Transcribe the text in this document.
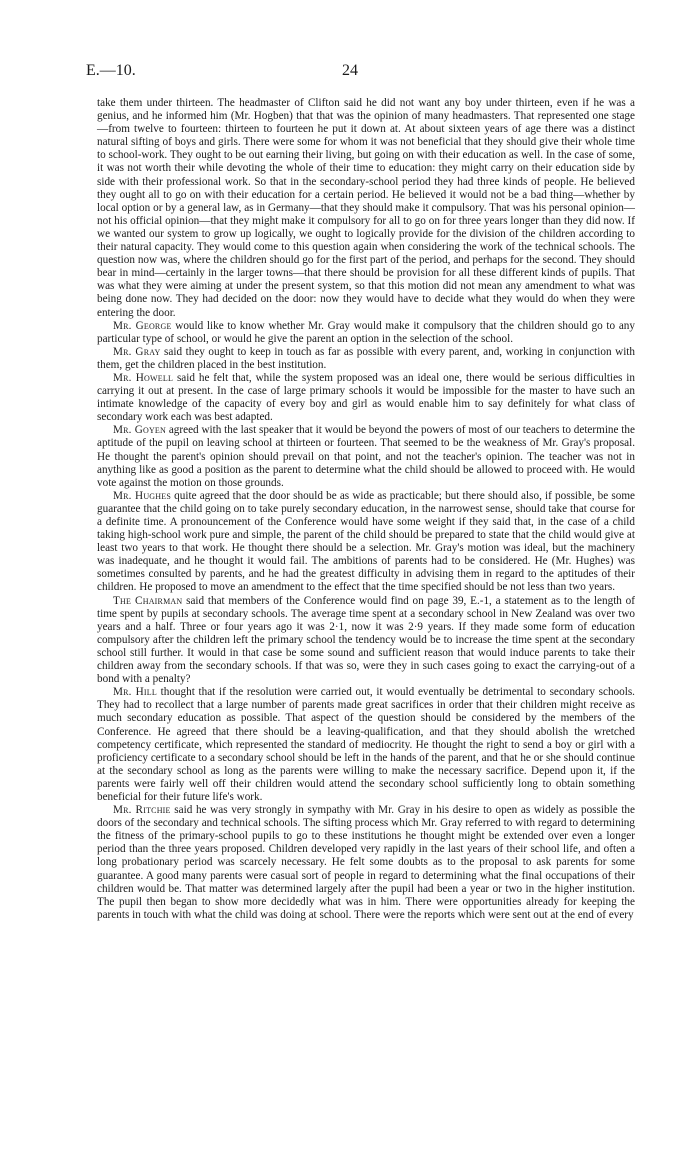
E.—10.	24

take them under thirteen. The headmaster of Clifton said he did not want any boy under thirteen, even if he was a genius, and he informed him (Mr. Hogben) that that was the opinion of many headmasters. That represented one stage—from twelve to fourteen: thirteen to fourteen he put it down at. At about sixteen years of age there was a distinct natural sifting of boys and girls. There were some for whom it was not beneficial that they should give their whole time to school-work. They ought to be out earning their living, but going on with their education as well. In the case of some, it was not worth their while devoting the whole of their time to education: they might carry on their education side by side with their professional work. So that in the secondary-school period they had three kinds of people. He believed they ought all to go on with their education for a certain period. He believed it would not be a bad thing—whether by local option or by a general law, as in Germany—that they should make it compulsory. That was his personal opinion—not his official opinion—that they might make it compulsory for all to go on for three years longer than they did now. If we wanted our system to grow up logically, we ought to logically provide for the division of the children according to their natural capacity. They would come to this question again when considering the work of the technical schools. The question now was, where the children should go for the first part of the period, and perhaps for the second. They should bear in mind—certainly in the larger towns—that there should be provision for all these different kinds of pupils. That was what they were aiming at under the present system, so that this motion did not mean any amendment to what was being done now. They had decided on the door: now they would have to decide what they would do when they were entering the door.

Mr. George would like to know whether Mr. Gray would make it compulsory that the children should go to any particular type of school, or would he give the parent an option in the selection of the school.

Mr. Gray said they ought to keep in touch as far as possible with every parent, and, working in conjunction with them, get the children placed in the best institution.

Mr. Howell said he felt that, while the system proposed was an ideal one, there would be serious difficulties in carrying it out at present. In the case of large primary schools it would be impossible for the master to have such an intimate knowledge of the capacity of every boy and girl as would enable him to say definitely for what class of secondary work each was best adapted.

Mr. Goyen agreed with the last speaker that it would be beyond the powers of most of our teachers to determine the aptitude of the pupil on leaving school at thirteen or fourteen. That seemed to be the weakness of Mr. Gray's proposal. He thought the parent's opinion should prevail on that point, and not the teacher's opinion. The teacher was not in anything like as good a position as the parent to determine what the child should be allowed to proceed with. He would vote against the motion on those grounds.

Mr. Hughes quite agreed that the door should be as wide as practicable; but there should also, if possible, be some guarantee that the child going on to take purely secondary education, in the narrowest sense, should take that course for a definite time. A pronouncement of the Conference would have some weight if they said that, in the case of a child taking high-school work pure and simple, the parent of the child should be prepared to state that the child would give at least two years to that work. He thought there should be a selection. Mr. Gray's motion was ideal, but the machinery was inadequate, and he thought it would fail. The ambitions of parents had to be considered. He (Mr. Hughes) was sometimes consulted by parents, and he had the greatest difficulty in advising them in regard to the aptitudes of their children. He proposed to move an amendment to the effect that the time specified should be not less than two years.

The Chairman said that members of the Conference would find on page 39, E.-1, a statement as to the length of time spent by pupils at secondary schools. The average time spent at a secondary school in New Zealand was over two years and a half. Three or four years ago it was 2·1, now it was 2·9 years. If they made some form of education compulsory after the children left the primary school the tendency would be to increase the time spent at the secondary school still further. It would in that case be some sound and sufficient reason that would induce parents to take their children away from the secondary schools. If that was so, were they in such cases going to exact the carrying-out of a bond with a penalty?

Mr. Hill thought that if the resolution were carried out, it would eventually be detrimental to secondary schools. They had to recollect that a large number of parents made great sacrifices in order that their children might receive as much secondary education as possible. That aspect of the question should be considered by the members of the Conference. He agreed that there should be a leaving-qualification, and that they should abolish the wretched competency certificate, which represented the standard of mediocrity. He thought the right to send a boy or girl with a proficiency certificate to a secondary school should be left in the hands of the parent, and that he or she should continue at the secondary school as long as the parents were willing to make the necessary sacrifice. Depend upon it, if the parents were fairly well off their children would attend the secondary school sufficiently long to obtain something beneficial for their future life's work.

Mr. Ritchie said he was very strongly in sympathy with Mr. Gray in his desire to open as widely as possible the doors of the secondary and technical schools. The sifting process which Mr. Gray referred to with regard to determining the fitness of the primary-school pupils to go to these institutions he thought might be extended over even a longer period than the three years proposed. Children developed very rapidly in the last years of their school life, and often a long probationary period was scarcely necessary. He felt some doubts as to the proposal to ask parents for some guarantee. A good many parents were casual sort of people in regard to determining what the final occupations of their children would be. That matter was determined largely after the pupil had been a year or two in the higher institution. The pupil then began to show more decidedly what was in him. There were opportunities already for keeping the parents in touch with what the child was doing at school. There were the reports which were sent out at the end of every
